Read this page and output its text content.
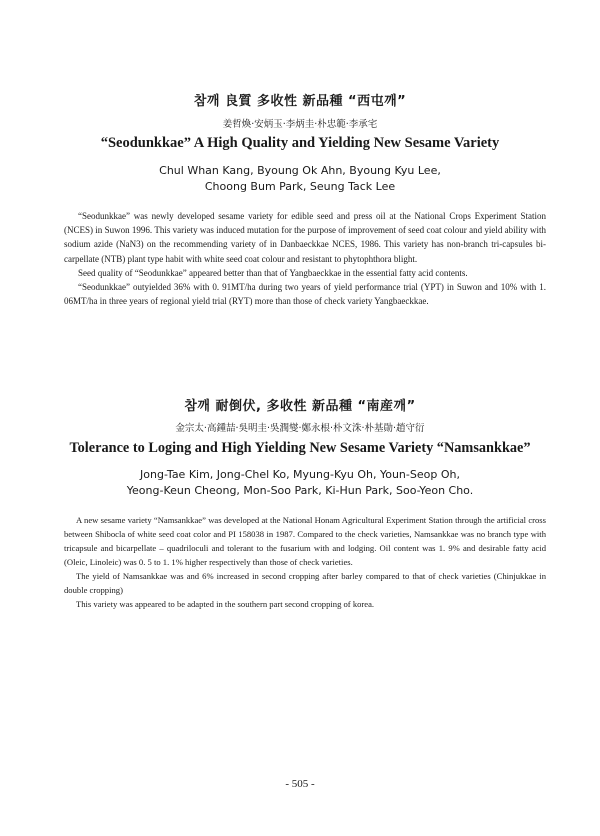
참깨 良質 多收性 新品種 “西屯깨”
姜哲煥·安炳玉·李炳圭·朴忠範·李承宅
“Seodunkkae” A High Quality and Yielding New Sesame Variety
Chul Whan Kang, Byoung Ok Ahn, Byoung Kyu Lee,
Choong Bum Park, Seung Tack Lee

“Seodunkkae” was newly developed sesame variety for edible seed and press oil at the National Crops Experiment Station (NCES) in Suwon 1996. This variety was induced mutation for the purpose of improvement of seed coat colour and yield ability with sodium azide (NaN3) on the recommending variety of in Danbaeckkae NCES, 1986. This variety has non-branch tri-capsules bi-carpellate (NTB) plant type habit with white seed coat colour and resistant to phytophthora blight.

Seed quality of “Seodunkkae” appeared better than that of Yangbaeckkae in the essential fatty acid contents.

“Seodunkkae” outyielded 36% with 0. 91MT/ha during two years of yield performance trial (YPT) in Suwon and 10% with 1. 06MT/ha in three years of regional yield trial (RYT) more than those of check variety Yangbaeckkae.

참깨 耐倒伏, 多收性 新品種 “南産깨”
金宗太·高鍾喆·吳明圭·吳潤燮·鄭永根·朴文洙·朴基勛·趙守衍
Tolerance to Loging and High Yielding New Sesame Variety “Namsankkae”
Jong-Tae Kim, Jong-Chel Ko, Myung-Kyu Oh, Youn-Seop Oh,
Yeong-Keun Cheong, Mon-Soo Park, Ki-Hun Park, Soo-Yeon Cho.

A new sesame variety “Namsankkae” was developed at the National Honam Agricultural Experiment Station through the artificial cross between Shibocla of white seed coat color and PI 158038 in 1987. Compared to the check varieties, Namsankkae was no branch type with tricapsule and bicarpellate – quadriloculi and tolerant to the fusarium with and lodging. Oil content was 1. 9% and desirable fatty acid (Oleic, Linoleic) was 0. 5 to 1. 1% higher respectively than those of check varieties.

The yield of Namsankkae was and 6% increased in second cropping after barley compared to that of check varieties (Chinjukkae in double cropping)

This variety was appeared to be adapted in the southern part second cropping of korea.

- 505 -
